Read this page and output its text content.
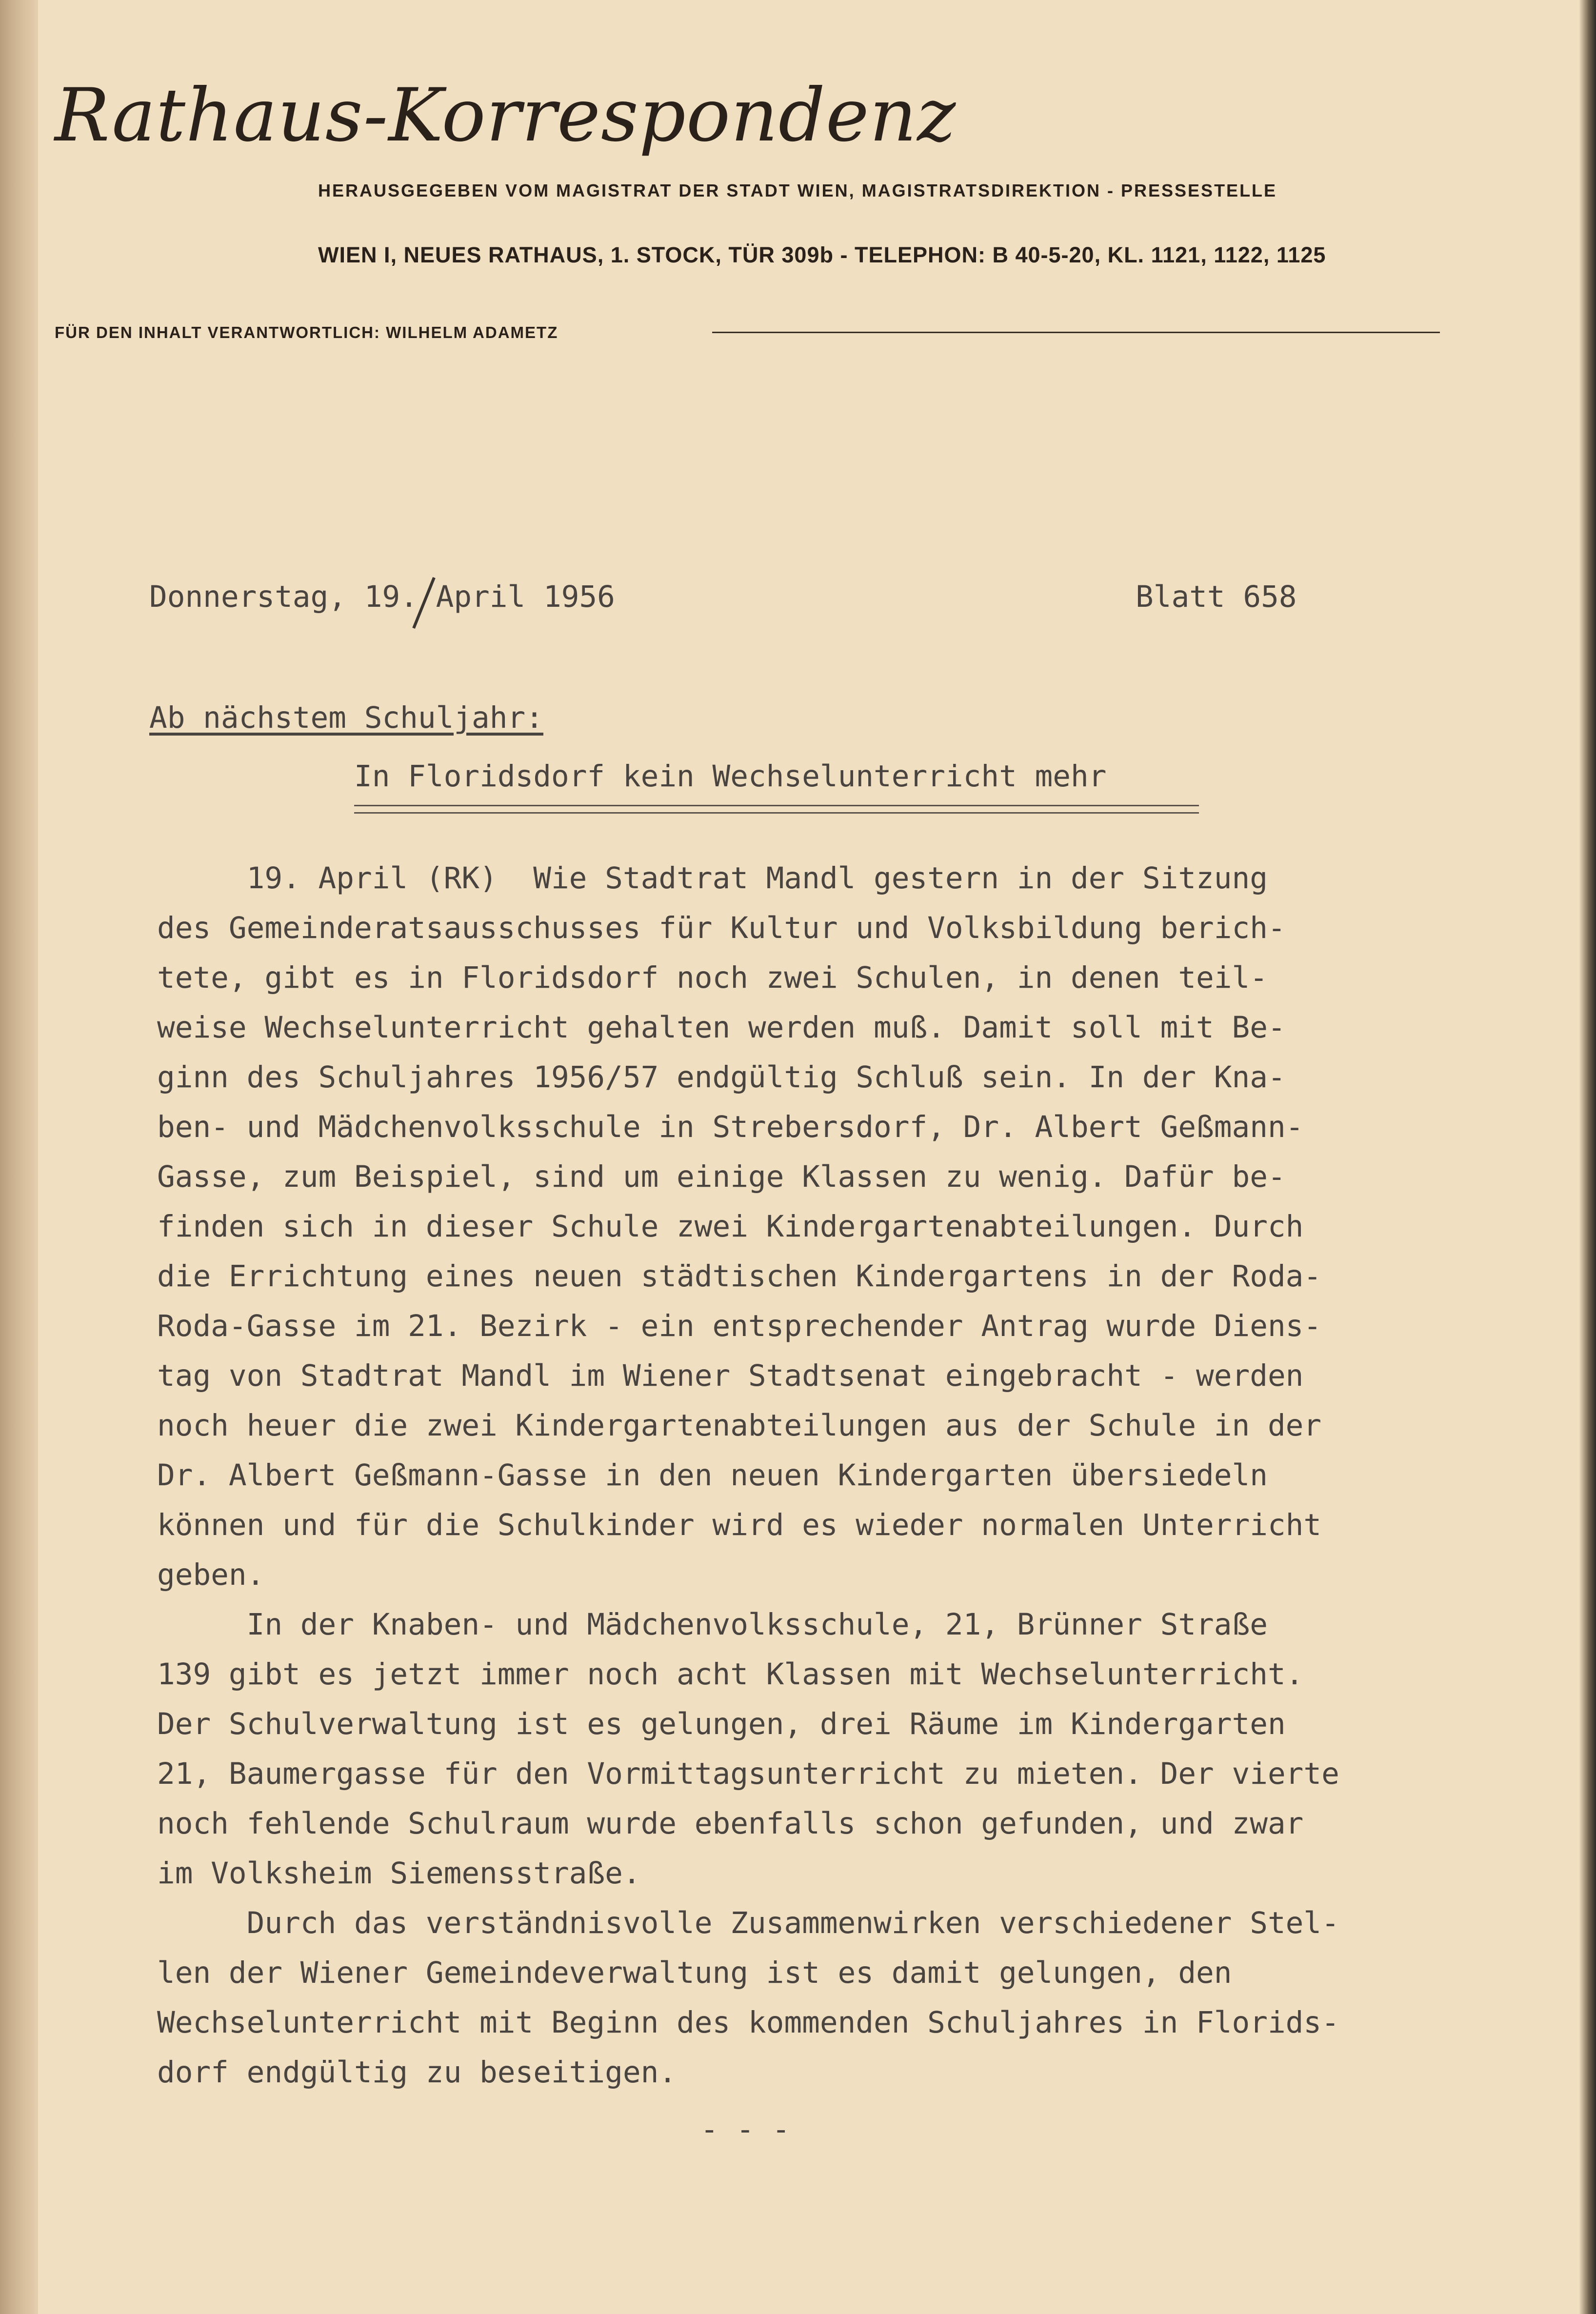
Rathaus-Korrespondenz
HERAUSGEGEBEN VOM MAGISTRAT DER STADT WIEN, MAGISTRATSDIREKTION - PRESSESTELLE
WIEN I, NEUES RATHAUS, 1. STOCK, TÜR 309b - TELEPHON: B 40-5-20, KL. 1121, 1122, 1125
FÜR DEN INHALT VERANTWORTLICH: WILHELM ADAMETZ
Donnerstag, 19. April 1956	Blatt 658
Ab nächstem Schuljahr:
In Floridsdorf kein Wechselunterricht mehr
19. April (RK)  Wie Stadtrat Mandl gestern in der Sitzung
des Gemeinderatsausschusses für Kultur und Volksbildung berich-
tete, gibt es in Floridsdorf noch zwei Schulen, in denen teil-
weise Wechselunterricht gehalten werden muß. Damit soll mit Be-
ginn des Schuljahres 1956/57 endgültig Schluß sein. In der Kna-
ben- und Mädchenvolksschule in Strebersdorf, Dr. Albert Geßmann-
Gasse, zum Beispiel, sind um einige Klassen zu wenig. Dafür be-
finden sich in dieser Schule zwei Kindergartenabteilungen. Durch
die Errichtung eines neuen städtischen Kindergartens in der Roda-
Roda-Gasse im 21. Bezirk - ein entsprechender Antrag wurde Diens-
tag von Stadtrat Mandl im Wiener Stadtsenat eingebracht - werden
noch heuer die zwei Kindergartenabteilungen aus der Schule in der
Dr. Albert Geßmann-Gasse in den neuen Kindergarten übersiedeln
können und für die Schulkinder wird es wieder normalen Unterricht
geben.
In der Knaben- und Mädchenvolksschule, 21, Brünner Straße
139 gibt es jetzt immer noch acht Klassen mit Wechselunterricht.
Der Schulverwaltung ist es gelungen, drei Räume im Kindergarten
21, Baumergasse für den Vormittagsunterricht zu mieten. Der vierte
noch fehlende Schulraum wurde ebenfalls schon gefunden, und zwar
im Volksheim Siemensstraße.
Durch das verständnisvolle Zusammenwirken verschiedener Stel-
len der Wiener Gemeindeverwaltung ist es damit gelungen, den
Wechselunterricht mit Beginn des kommenden Schuljahres in Florids-
dorf endgültig zu beseitigen.
- - -
